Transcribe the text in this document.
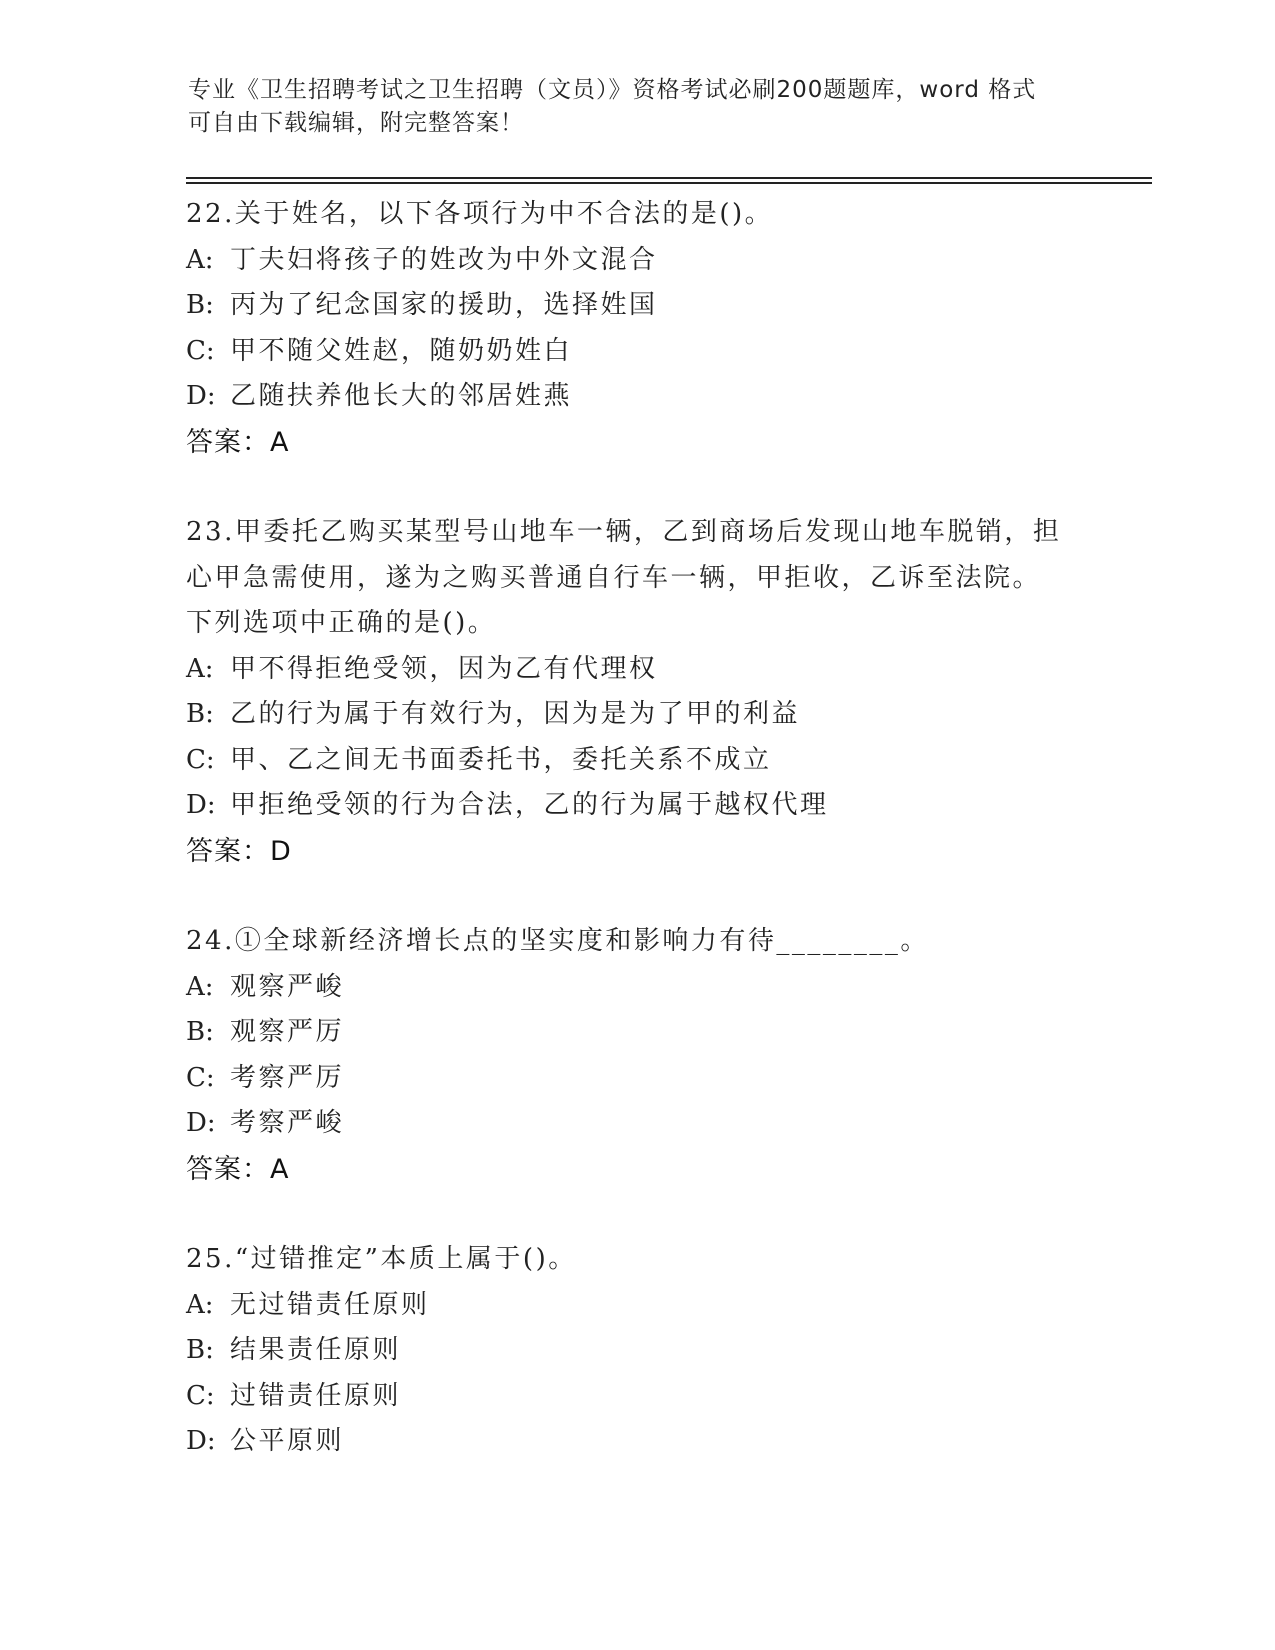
专业《卫生招聘考试之卫生招聘（文员）》资格考试必刷200题题库，word 格式
可自由下载编辑，附完整答案！
22.关于姓名，以下各项行为中不合法的是()。
A: 丁夫妇将孩子的姓改为中外文混合
B: 丙为了纪念国家的援助，选择姓国
C: 甲不随父姓赵，随奶奶姓白
D: 乙随扶养他长大的邻居姓燕
答案：A
23.甲委托乙购买某型号山地车一辆，乙到商场后发现山地车脱销，担
心甲急需使用，遂为之购买普通自行车一辆，甲拒收，乙诉至法院。
下列选项中正确的是()。
A: 甲不得拒绝受领，因为乙有代理权
B: 乙的行为属于有效行为，因为是为了甲的利益
C: 甲、乙之间无书面委托书，委托关系不成立
D: 甲拒绝受领的行为合法，乙的行为属于越权代理
答案：D
24.①全球新经济增长点的坚实度和影响力有待________。
A: 观察严峻
B: 观察严厉
C: 考察严厉
D: 考察严峻
答案：A
25.“过错推定”本质上属于()。
A: 无过错责任原则
B: 结果责任原则
C: 过错责任原则
D: 公平原则
